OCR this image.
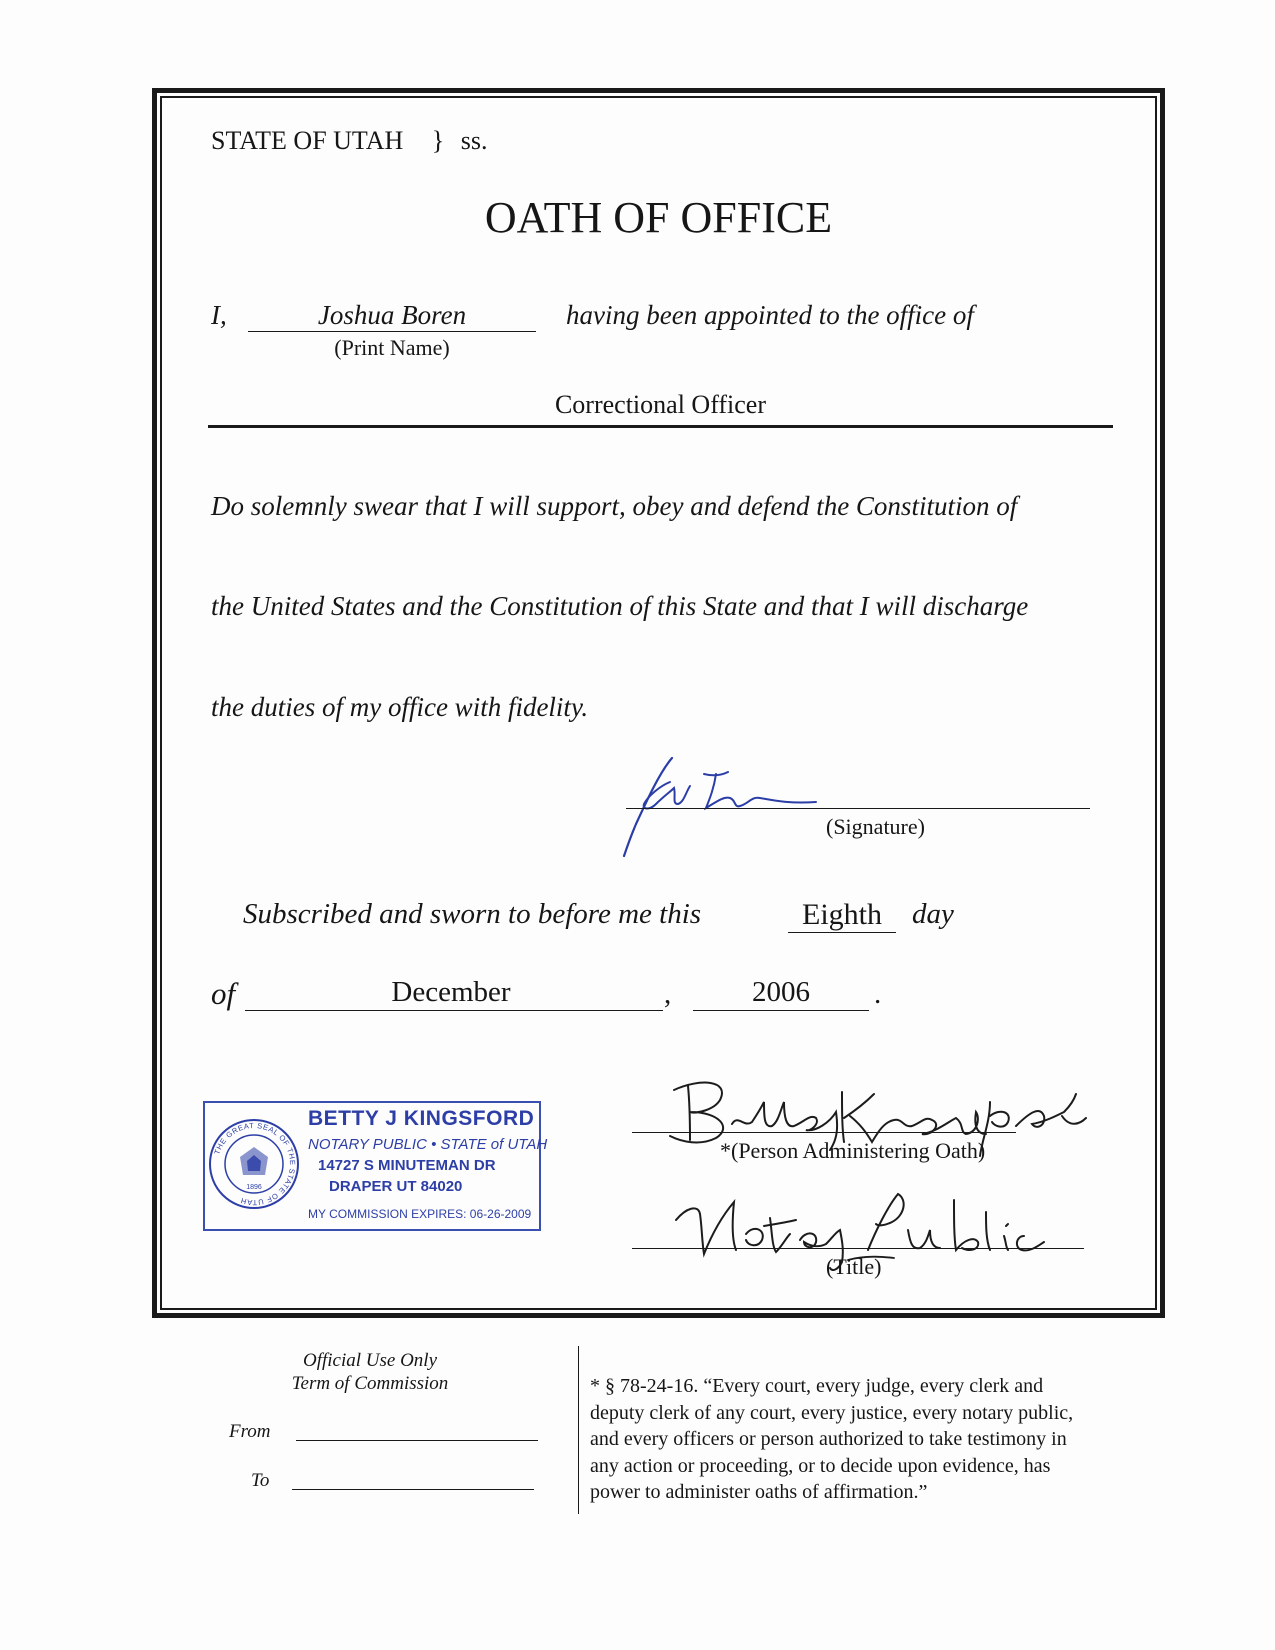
STATE OF UTAH } ss.
OATH OF OFFICE
I,	Joshua Boren
(Print Name)
having been appointed to the office of
Correctional Officer
Do solemnly swear that I will support, obey and defend the Constitution of
the United States and the Constitution of this State and that I will discharge
the duties of my office with fidelity.
(Signature)
Subscribed and sworn to before me this	Eighth	day
of	December	,	2006	.
THE GREAT SEAL OF THE STATE OF UTAH
1896
BETTY J KINGSFORD
NOTARY PUBLIC • STATE of UTAH
14727 S MINUTEMAN DR
DRAPER UT 84020
MY COMMISSION EXPIRES: 06-26-2009
*(Person Administering Oath)
(Title)
Official Use Only
Term of Commission
From
To
* § 78-24-16. “Every court, every judge, every clerk and
deputy clerk of any court, every justice, every notary public,
and every officers or person authorized to take testimony in
any action or proceeding, or to decide upon evidence, has
power to administer oaths of affirmation.”
